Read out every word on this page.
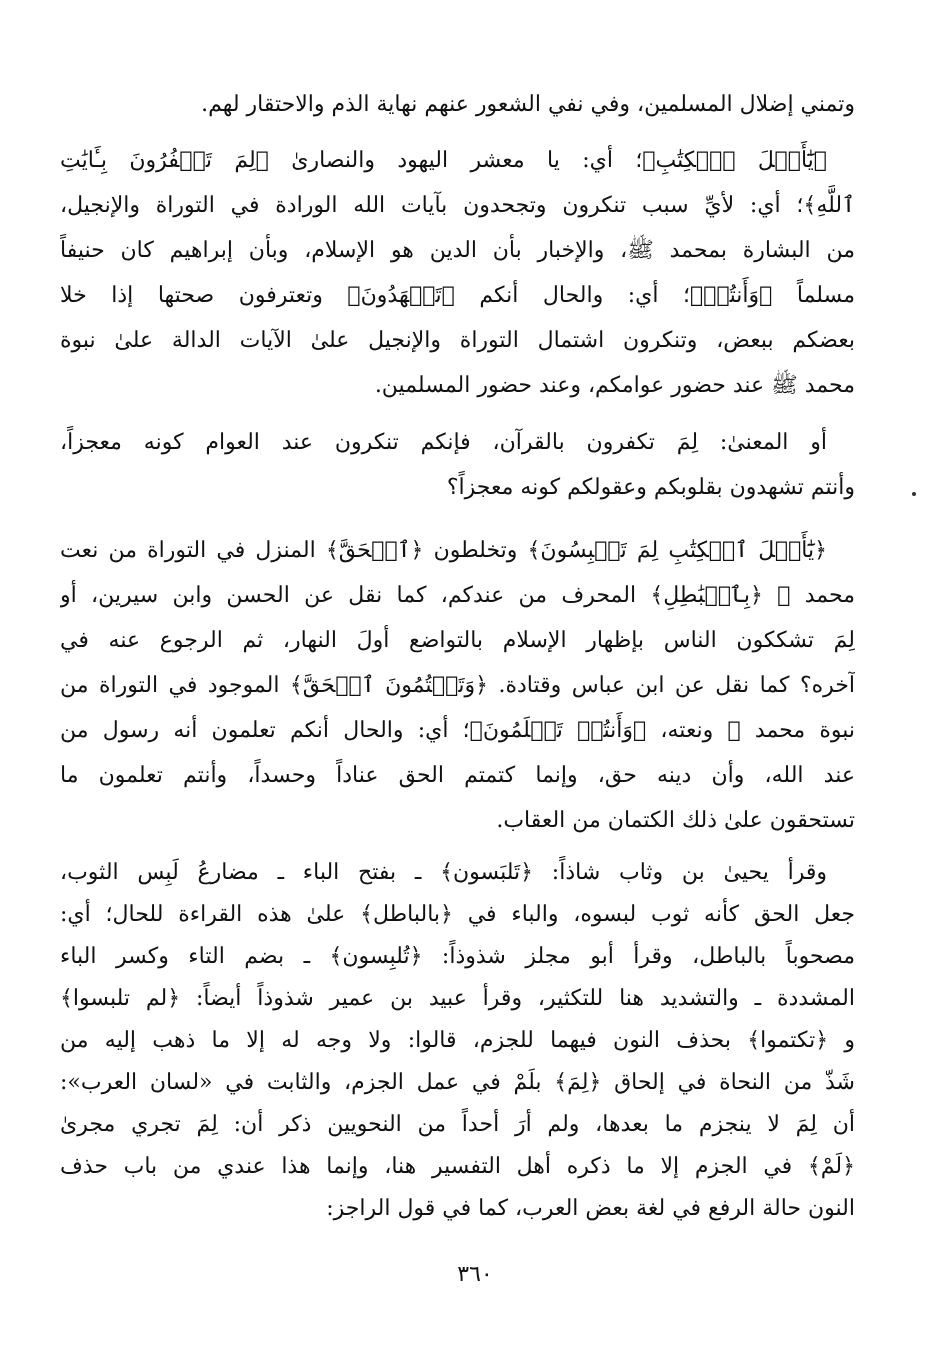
وتمني إضلال المسلمين، وفي نفي الشعور عنهم نهاية الذم والاحتقار لهم.
﴿يَٰٓأَهۡلَ ٱلۡكِتَٰبِ﴾؛ أي: يا معشر اليهود والنصارىٰ ﴿لِمَ تَكۡفُرُونَ بِـَٔايَٰتِ
ٱللَّهِ﴾؛ أي: لأيِّ سبب تنكرون وتجحدون بآيات الله الورادة في التوراة والإنجيل،
من البشارة بمحمد ﷺ، والإخبار بأن الدين هو الإسلام، وبأن إبراهيم كان حنيفاً
مسلماً ﴿وَأَنتُمۡ﴾؛ أي: والحال أنكم ﴿تَشۡهَدُونَ﴾ وتعترفون صحتها إذا خلا
بعضكم ببعض، وتنكرون اشتمال التوراة والإنجيل علىٰ الآيات الدالة علىٰ نبوة
محمد ﷺ عند حضور عوامكم، وعند حضور المسلمين.
أو المعنىٰ: لِمَ تكفرون بالقرآن، فإنكم تنكرون عند العوام كونه معجزاً،
وأنتم تشهدون بقلوبكم وعقولكم كونه معجزاً؟
﴿يَٰٓأَهۡلَ ٱلۡكِتَٰبِ لِمَ تَلۡبِسُونَ﴾ وتخلطون ﴿ٱلۡحَقَّ﴾ المنزل في التوراة من نعت
محمد ﷺ ﴿بِٱلۡبَٰطِلِ﴾ المحرف من عندكم، كما نقل عن الحسن وابن سيرين، أو
لِمَ تشككون الناس بإظهار الإسلام بالتواضع أولَ النهار، ثم الرجوع عنه في
آخره؟ كما نقل عن ابن عباس وقتادة. ﴿وَتَكۡتُمُونَ ٱلۡحَقَّ﴾ الموجود في التوراة من
نبوة محمد ﷺ ونعته، ﴿وَأَنتُمۡ تَعۡلَمُونَ﴾؛ أي: والحال أنكم تعلمون أنه رسول من
عند الله، وأن دينه حق، وإنما كتمتم الحق عناداً وحسداً، وأنتم تعلمون ما
تستحقون علىٰ ذلك الكتمان من العقاب.
وقرأ يحيىٰ بن وثاب شاذاً: ﴿تَلبَسون﴾ ـ بفتح الباء ـ مضارعُ لَبِس الثوب،
جعل الحق كأنه ثوب لبسوه، والباء في ﴿بالباطل﴾ علىٰ هذه القراءة للحال؛ أي:
مصحوباً بالباطل، وقرأ أبو مجلز شذوذاً: ﴿تُلبِسون﴾ ـ بضم التاء وكسر الباء
المشددة ـ والتشديد هنا للتكثير، وقرأ عبيد بن عمير شذوذاً أيضاً: ﴿لم تلبسوا﴾
و ﴿تكتموا﴾ بحذف النون فيهما للجزم، قالوا: ولا وجه له إلا ما ذهب إليه من
شَذّ من النحاة في إلحاق ﴿لِمَ﴾ بلَمْ في عمل الجزم، والثابت في «لسان العرب»:
أن لِمَ لا ينجزم ما بعدها، ولم أرَ أحداً من النحويين ذكر أن: لِمَ تجري مجرىٰ
﴿لَمْ﴾ في الجزم إلا ما ذكره أهل التفسير هنا، وإنما هذا عندي من باب حذف
النون حالة الرفع في لغة بعض العرب، كما في قول الراجز:
٣٦٠
